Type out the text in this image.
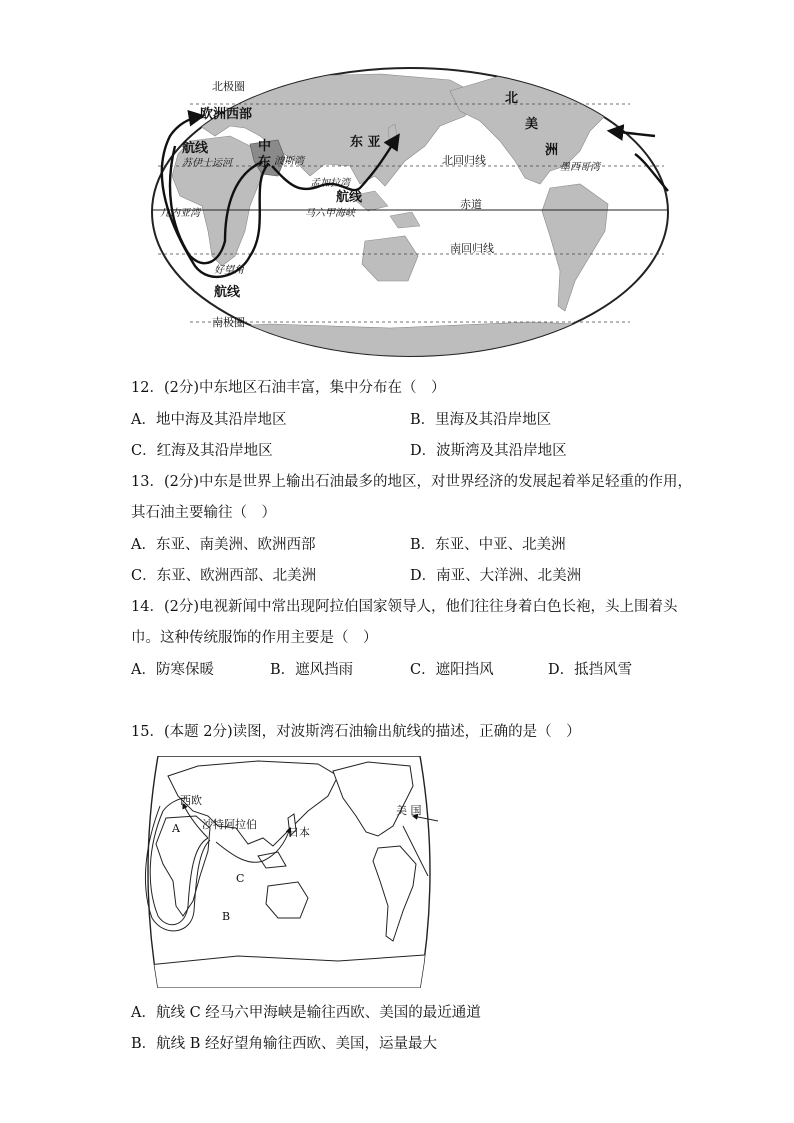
北极圈
欧洲西部
航线	中
东
苏伊士运河	波斯湾
孟加拉湾
航线
马六甲海峡
东 亚
北回归线
北
美
洲
墨西哥湾
几内亚湾
赤道
南回归线
好望角
航线
南极圈
12．(2分)中东地区石油丰富，集中分布在（　）
A．地中海及其沿岸地区	B．里海及其沿岸地区
C．红海及其沿岸地区	D．波斯湾及其沿岸地区
13．(2分)中东是世界上输出石油最多的地区，对世界经济的发展起着举足轻重的作用，
其石油主要输往（　）
A．东亚、南美洲、欧洲西部	B．东亚、中亚、北美洲
C．东亚、欧洲西部、北美洲	D．南亚、大洋洲、北美洲
14．(2分)电视新闻中常出现阿拉伯国家领导人，他们往往身着白色长袍，头上围着头
巾。这种传统服饰的作用主要是（　）
A．防寒保暖	B．遮风挡雨	C．遮阳挡风	D．抵挡风雪
15．(本题 2分)读图，对波斯湾石油输出航线的描述，正确的是（　）
西欧
沙特阿拉伯
日本
美 国
A
B
C
A．航线 C 经马六甲海峡是输往西欧、美国的最近通道
B．航线 B 经好望角输往西欧、美国，运量最大
